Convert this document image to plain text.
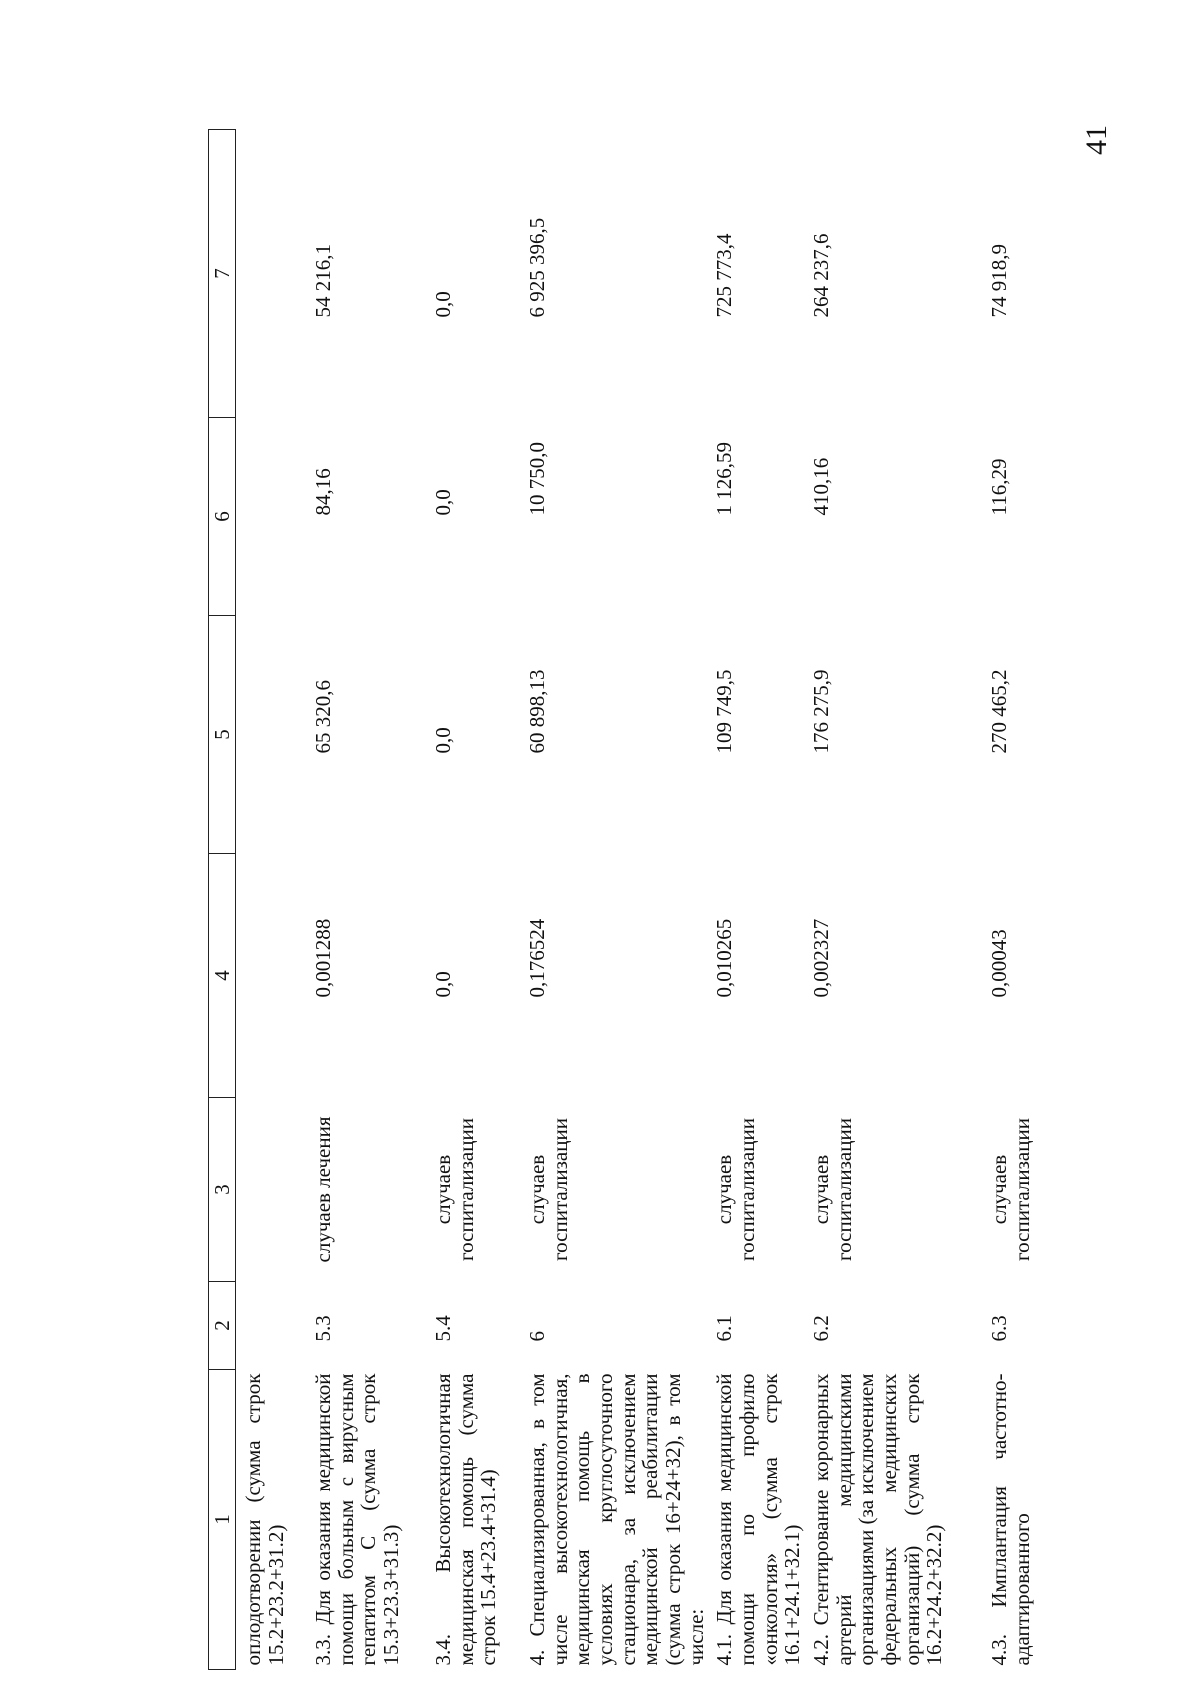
41
1	2	3	4	5	6	7
оплодотворении (сумма строк 15.2+23.2+31.2)						
3.3. Для оказания медицинской помощи больным с вирусным гепатитом С (сумма строк 15.3+23.3+31.3)	5.3	случаев лечения	0,001288	65 320,6	84,16	54 216,1
3.4. Высокотехнологичная медицинская помощь (сумма строк 15.4+23.4+31.4)	5.4	случаев госпитализации	0,0	0,0	0,0	0,0
4. Специализированная, в том числе высокотехнологичная, медицинская помощь в условиях круглосуточного стационара, за исключением медицинской реабилитации (сумма строк 16+24+32), в том числе:	6	случаев госпитализации	0,176524	60 898,13	10 750,0	6 925 396,5
4.1. Для оказания медицинской помощи по профилю «онкология» (сумма строк 16.1+24.1+32.1)	6.1	случаев госпитализации	0,010265	109 749,5	1 126,59	725 773,4
4.2. Стентирование коронарных артерий медицинскими организациями (за исключением федеральных медицинских организаций) (сумма строк 16.2+24.2+32.2)	6.2	случаев госпитализации	0,002327	176 275,9	410,16	264 237,6
4.3. Имплантация частотно-адаптированного	6.3	случаев госпитализации	0,00043	270 465,2	116,29	74 918,9
